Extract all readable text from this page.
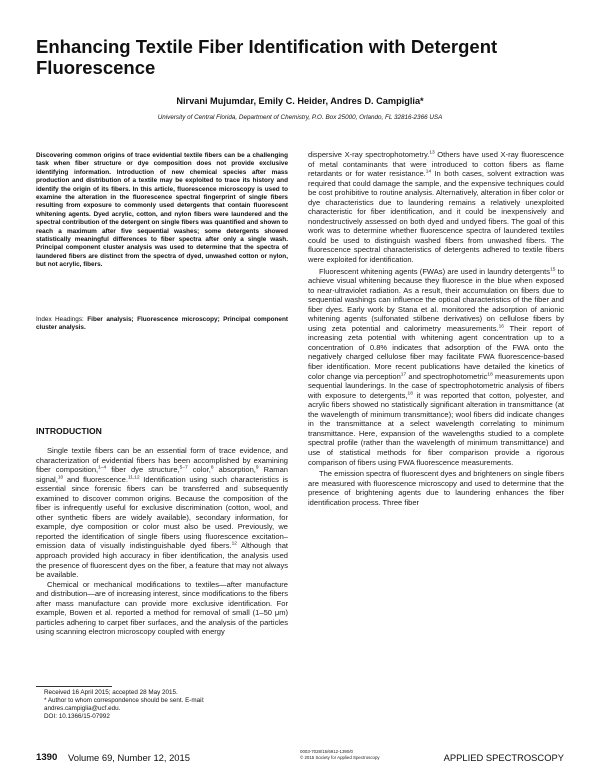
Enhancing Textile Fiber Identification with Detergent Fluorescence
Nirvani Mujumdar, Emily C. Heider, Andres D. Campiglia*
University of Central Florida, Department of Chemistry, P.O. Box 25000, Orlando, FL 32816-2366 USA
Discovering common origins of trace evidential textile fibers can be a challenging task when fiber structure or dye composition does not provide exclusive identifying information. Introduction of new chemical species after mass production and distribution of a textile may be exploited to trace its history and identify the origin of its fibers. In this article, fluorescence microscopy is used to examine the alteration in the fluorescence spectral fingerprint of single fibers resulting from exposure to commonly used detergents that contain fluorescent whitening agents. Dyed acrylic, cotton, and nylon fibers were laundered and the spectral contribution of the detergent on single fibers was quantified and shown to reach a maximum after five sequential washes; some detergents showed statistically meaningful differences to fiber spectra after only a single wash. Principal component cluster analysis was used to determine that the spectra of laundered fibers are distinct from the spectra of dyed, unwashed cotton or nylon, but not acrylic, fibers.
Index Headings: Fiber analysis; Fluorescence microscopy; Principal component cluster analysis.
INTRODUCTION

Single textile fibers can be an essential form of trace evidence, and characterization of evidential fibers has been accomplished by examining fiber composition,$^{1-4}$ fiber dye structure,$^{5-7}$ color,$^8$ absorption,$^9$ Raman signal,$^{10}$ and fluorescence.$^{11,12}$ Identification using such characteristics is essential since forensic fibers can be transferred and subsequently examined to discover common origins. Because the composition of the fiber is infrequently useful for exclusive discrimination (cotton, wool, and other synthetic fibers are widely available), secondary information, for example, dye composition or color must also be used. Previously, we reported the identification of single fibers using fluorescence excitation–emission data of visually indistinguishable dyed fibers.$^{12}$ Although that approach provided high accuracy in fiber identification, the analysis used the presence of fluorescent dyes on the fiber, a feature that may not always be available.

Chemical or mechanical modifications to textiles—after manufacture and distribution—are of increasing interest, since modifications to the fibers after mass manufacture can provide more exclusive identification. For example, Bowen et al. reported a method for removal of small (1–50 μm) particles adhering to carpet fiber surfaces, and the analysis of the particles using scanning electron microscopy coupled with energy

dispersive X-ray spectrophotometry.$^{13}$ Others have used X-ray fluorescence of metal contaminants that were introduced to cotton fibers as flame retardants or for water resistance.$^{14}$ In both cases, solvent extraction was required that could damage the sample, and the expensive techniques could be cost prohibitive to routine analysis. Alternatively, alteration in fiber color or dye characteristics due to laundering remains a relatively unexploited characteristic for fiber identification, and it could be inexpensively and nondestructively assessed on both dyed and undyed fibers. The goal of this work was to determine whether fluorescence spectra of laundered textiles could be used to distinguish washed fibers from unwashed fibers. The fluorescence spectral characteristics of detergents adhered to textile fibers were exploited for identification.

Fluorescent whitening agents (FWAs) are used in laundry detergents$^{15}$ to achieve visual whitening because they fluoresce in the blue when exposed to near-ultraviolet radiation. As a result, their accumulation on fibers due to sequential washings can influence the optical characteristics of the fiber and fiber dyes. Early work by Stana et al. monitored the adsorption of anionic whitening agents (sulfonated stilbene derivatives) on cellulose fibers by using zeta potential and calorimetry measurements.$^{16}$ Their report of increasing zeta potential with whitening agent concentration up to a concentration of 0.8% indicates that adsorption of the FWA onto the negatively charged cellulose fiber may facilitate FWA fluorescence-based fiber identification. More recent publications have detailed the kinetics of color change via perception$^{17}$ and spectrophotometric$^{18}$ measurements upon sequential launderings. In the case of spectrophotometric analysis of fibers with exposure to detergents,$^{18}$ it was reported that cotton, polyester, and acrylic fibers showed no statistically significant alteration in transmittance (at the wavelength of minimum transmittance); wool fibers did indicate changes in the transmittance at a select wavelength correlating to minimum transmittance. Here, expansion of the wavelengths studied to a complete spectral profile (rather than the wavelength of minimum transmittance) and use of statistical methods for fiber comparison provide a rigorous comparison of fibers using FWA fluorescence measurements.

The emission spectra of fluorescent dyes and brighteners on single fibers are measured with fluorescence microscopy and used to determine that the presence of brightening agents due to laundering enhances the fiber identification process. Three fiber

Received 16 April 2015; accepted 28 May 2015.
* Author to whom correspondence should be sent. E-mail: andres.campiglia@ucf.edu.
DOI: 10.1366/15-07992
1390 Volume 69, Number 12, 2015
0003-7028/15/6912-1390/0
© 2015 Society for Applied Spectroscopy	APPLIED SPECTROSCOPY
